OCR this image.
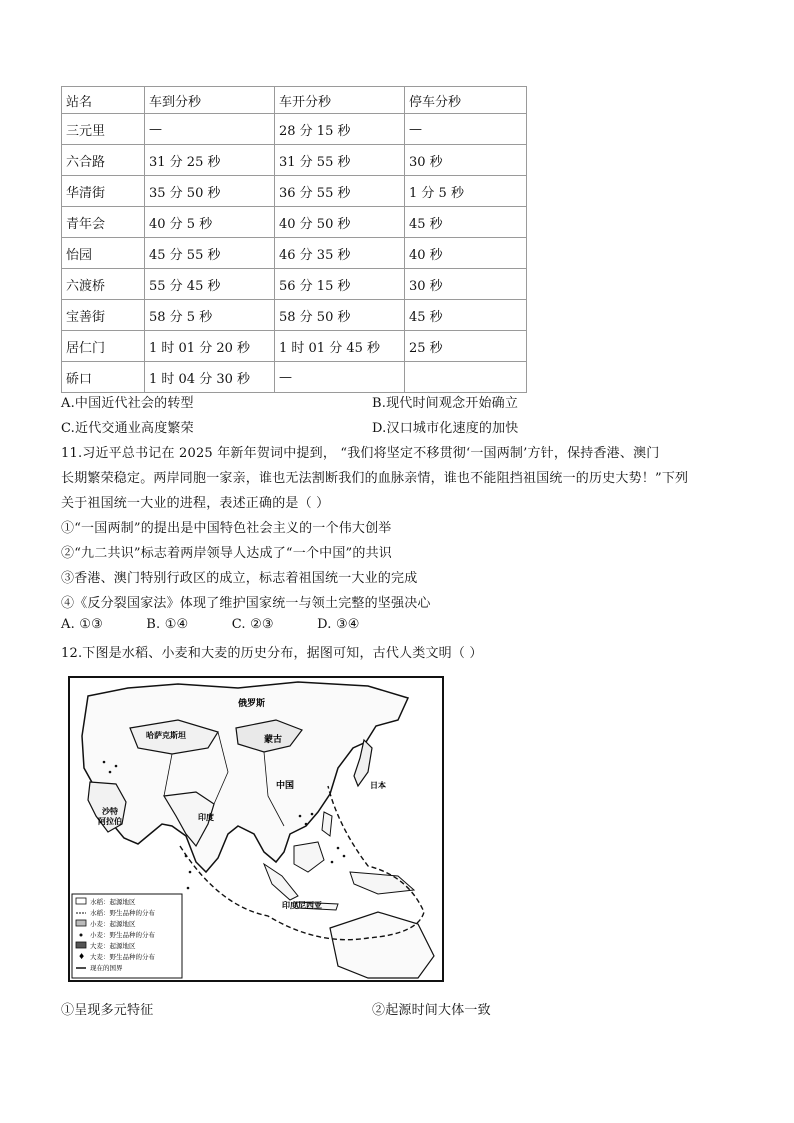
站名	车到分秒	车开分秒	停车分秒
三元里	—	28 分 15 秒	—
六合路	31 分 25 秒	31 分 55 秒	30 秒
华清街	35 分 50 秒	36 分 55 秒	1 分 5 秒
青年会	40 分 5 秒	40 分 50 秒	45 秒
怡园	45 分 55 秒	46 分 35 秒	40 秒
六渡桥	55 分 45 秒	56 分 15 秒	30 秒
宝善街	58 分 5 秒	58 分 50 秒	45 秒
居仁门	1 时 01 分 20 秒	1 时 01 分 45 秒	25 秒
硚口	1 时 04 分 30 秒	—	
A.中国近代社会的转型	B.现代时间观念开始确立
C.近代交通业高度繁荣	D.汉口城市化速度的加快
11.习近平总书记在 2025 年新年贺词中提到， “我们将坚定不移贯彻‘一国两制’方针，保持香港、澳门
长期繁荣稳定。两岸同胞一家亲，谁也无法割断我们的血脉亲情，谁也不能阻挡祖国统一的历史大势！”下列
关于祖国统一大业的进程，表述正确的是（ ）
①“一国两制”的提出是中国特色社会主义的一个伟大创举
②“九二共识”标志着两岸领导人达成了“一个中国”的共识
③香港、澳门特别行政区的成立，标志着祖国统一大业的完成
④《反分裂国家法》体现了维护国家统一与领土完整的坚强决心
A. ①③          B. ①④          C. ②③          D. ③④
12.下图是水稻、小麦和大麦的历史分布，据图可知，古代人类文明（ ）
俄罗斯
哈萨克斯坦	蒙古
中国	日本
沙特
阿拉伯	印度
印度尼西亚
水稻：起源地区
水稻：野生品种的分布
小麦：起源地区
小麦：野生品种的分布
大麦：起源地区
♦ 大麦：野生品种的分布
现在的国界
①呈现多元特征	②起源时间大体一致
